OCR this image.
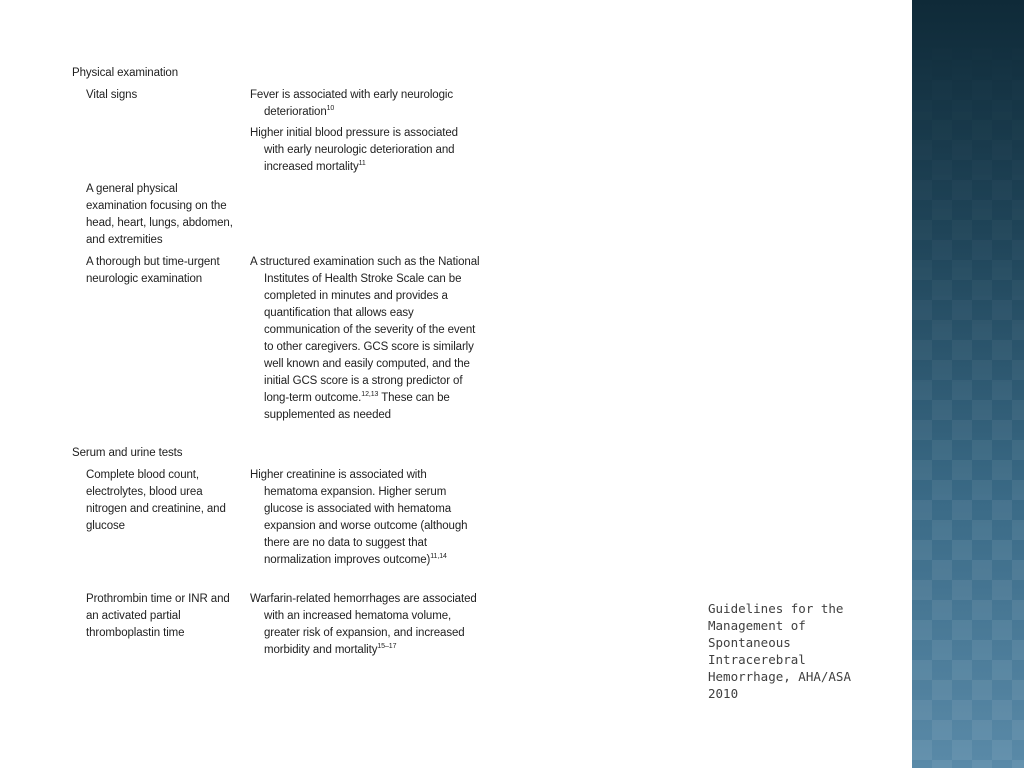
Physical examination
Vital signs	Fever is associated with early neurologic deterioration$^{10}$
Higher initial blood pressure is associated with early neurologic deterioration and increased mortality$^{11}$
A general physical examination focusing on the head, heart, lungs, abdomen, and extremities
A thorough but time-urgent neurologic examination
A structured examination such as the National Institutes of Health Stroke Scale can be completed in minutes and provides a quantification that allows easy communication of the severity of the event to other caregivers. GCS score is similarly well known and easily computed, and the initial GCS score is a strong predictor of long-term outcome.$^{12,13}$ These can be supplemented as needed
Serum and urine tests
Complete blood count, electrolytes, blood urea nitrogen and creatinine, and glucose
Higher creatinine is associated with hematoma expansion. Higher serum glucose is associated with hematoma expansion and worse outcome (although there are no data to suggest that normalization improves outcome)$^{11,14}$
Prothrombin time or INR and an activated partial thromboplastin time
Warfarin-related hemorrhages are associated with an increased hematoma volume, greater risk of expansion, and increased morbidity and mortality$^{15-17}$
Guidelines for the Management of Spontaneous Intracerebral Hemorrhage, AHA/ASA 2010
